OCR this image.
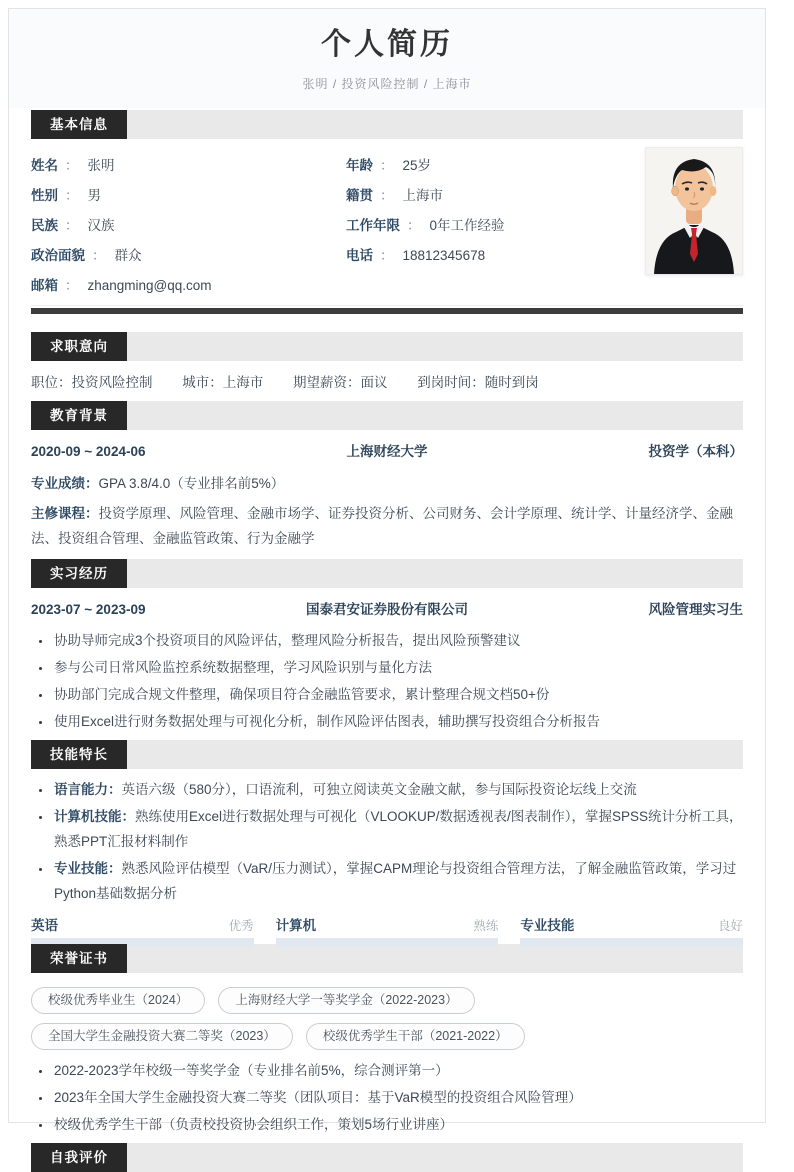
个人简历
张明 / 投资风险控制 / 上海市
基本信息
姓名 ： 张明
性别 ： 男
民族 ： 汉族
政治面貌 ： 群众
邮箱 ： zhangming@qq.com
年龄 ： 25岁
籍贯 ： 上海市
工作年限 ： 0年工作经验
电话 ： 18812345678
求职意向
职位：投资风险控制 城市：上海市 期望薪资：面议 到岗时间：随时到岗
教育背景
2020-09 ~ 2024-06	上海财经大学	投资学（本科）
专业成绩：GPA 3.8/4.0（专业排名前5%）
主修课程：投资学原理、风险管理、金融市场学、证券投资分析、公司财务、会计学原理、统计学、计量经济学、金融法、投资组合管理、金融监管政策、行为金融学
实习经历
2023-07 ~ 2023-09	国泰君安证券股份有限公司	风险管理实习生
• 协助导师完成3个投资项目的风险评估，整理风险分析报告，提出风险预警建议
• 参与公司日常风险监控系统数据整理，学习风险识别与量化方法
• 协助部门完成合规文件整理，确保项目符合金融监管要求，累计整理合规文档50+份
• 使用Excel进行财务数据处理与可视化分析，制作风险评估图表，辅助撰写投资组合分析报告
技能特长
• 语言能力：英语六级（580分），口语流利，可独立阅读英文金融文献，参与国际投资论坛线上交流
• 计算机技能：熟练使用Excel进行数据处理与可视化（VLOOKUP/数据透视表/图表制作），掌握SPSS统计分析工具，熟悉PPT汇报材料制作
• 专业技能：熟悉风险评估模型（VaR/压力测试），掌握CAPM理论与投资组合管理方法，了解金融监管政策，学习过Python基础数据分析
英语	优秀 计算机	熟练 专业技能	良好
荣誉证书
校级优秀毕业生（2024）	上海财经大学一等奖学金（2022-2023）
全国大学生金融投资大赛二等奖（2023）	校级优秀学生干部（2021-2022）
• 2022-2023学年校级一等奖学金（专业排名前5%，综合测评第一）
• 2023年全国大学生金融投资大赛二等奖（团队项目：基于VaR模型的投资组合风险管理）
• 校级优秀学生干部（负责校投资协会组织工作，策划5场行业讲座）
自我评价
